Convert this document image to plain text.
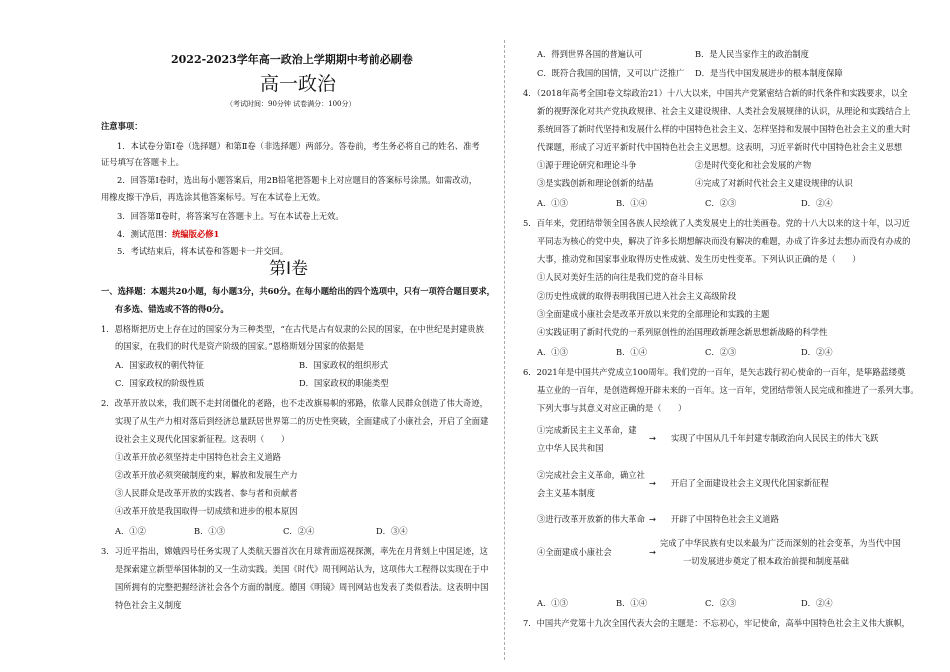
2022-2023学年高一政治上学期期中考前必刷卷
高一政治
（考试时间：90分钟 试卷满分：100分）
注意事项：
1．本试卷分第Ⅰ卷（选择题）和第Ⅱ卷（非选择题）两部分。答卷前，考生务必将自己的姓名、准考
证号填写在答题卡上。
2．回答第Ⅰ卷时，选出每小题答案后，用2B铅笔把答题卡上对应题目的答案标号涂黑。如需改动，
用橡皮擦干净后，再选涂其他答案标号。写在本试卷上无效。
3．回答第Ⅱ卷时，将答案写在答题卡上。写在本试卷上无效。
4．测试范围：统编版必修1
5．考试结束后，将本试卷和答题卡一并交回。
第Ⅰ卷
一、选择题：本题共20小题，每小题3分，共60分。在每小题给出的四个选项中，只有一项符合题目要求，
有多选、错选或不答的得0分。
1．恩格斯把历史上存在过的国家分为三种类型，“在古代是占有奴隶的公民的国家，在中世纪是封建贵族
的国家，在我们的时代是资产阶级的国家。”恩格斯划分国家的依据是
A．国家政权的朝代特征	B．国家政权的组织形式
C．国家政权的阶级性质	D．国家政权的职能类型
2．改革开放以来，我们既不走封闭僵化的老路，也不走改旗易帜的邪路，依靠人民群众创造了伟大奇迹，
实现了从生产力相对落后到经济总量跃居世界第二的历史性突破，全面建成了小康社会，开启了全面建
设社会主义现代化国家新征程。这表明（　　）
①改革开放必须坚持走中国特色社会主义道路
②改革开放必须突破制度约束，解放和发展生产力
③人民群众是改革开放的实践者、参与者和贡献者
④改革开放是我国取得一切成绩和进步的根本原因
A．①②	B．①③	C．②④	D．③④
3．习近平指出，嫦娥四号任务实现了人类航天器首次在月球背面巡视探测，率先在月背刻上中国足迹，这
是探索建立新型举国体制的又一生动实践。美国《时代》周刊网站认为，这项伟大工程得以实现在于中
国所拥有的完整把握经济社会各个方面的制度。德国《明镜》周刊网站也发表了类似看法。这表明中国
特色社会主义制度
A．得到世界各国的普遍认可	B．是人民当家作主的政治制度
C．既符合我国的国情，又可以广泛推广 D．是当代中国发展进步的根本制度保障
4．（2018年高考全国Ⅰ卷文综政治21）十八大以来，中国共产党紧密结合新的时代条件和实践要求，以全
新的视野深化对共产党执政规律、社会主义建设规律、人类社会发展规律的认识，从理论和实践结合上
系统回答了新时代坚持和发展什么样的中国特色社会主义、怎样坚持和发展中国特色社会主义的重大时
代课题，形成了习近平新时代中国特色社会主义思想。这表明，习近平新时代中国特色社会主义思想
①源于理论研究和理论斗争	②是时代变化和社会发展的产物
③是实践创新和理论创新的结晶	④完成了对新时代社会主义建设规律的认识
A．①③	B．①④	C．②③	D．②④
5．百年来，党团结带领全国各族人民绘就了人类发展史上的壮美画卷。党的十八大以来的这十年，以习近
平同志为核心的党中央，解决了许多长期想解决而没有解决的难题，办成了许多过去想办而没有办成的
大事，推动党和国家事业取得历史性成就、发生历史性变革。下列认识正确的是（　　）
①人民对美好生活的向往是我们党的奋斗目标
②历史性成就的取得表明我国已进入社会主义高级阶段
③全面建成小康社会是改革开放以来党的全部理论和实践的主题
④实践证明了新时代党的一系列原创性的治国理政新理念新思想新战略的科学性
A．①③	B．①④	C．②③	D．②④
6．2021年是中国共产党成立100周年。我们党的一百年，是矢志践行初心使命的一百年，是筚路蓝缕奠
基立业的一百年，是创造辉煌开辟未来的一百年。这一百年，党团结带领人民完成和推进了一系列大事。
下列大事与其意义对应正确的是（　　）
①完成新民主主义革命，建
立中华人民共和国
→ 实现了中国从几千年封建专制政治向人民民主的伟大飞跃
②完成社会主义革命，确立社
会主义基本制度
→ 开启了全面建设社会主义现代化国家新征程
③进行改革开放新的伟大革命 → 开辟了中国特色社会主义道路
④全面建成小康社会	→
完成了中华民族有史以来最为广泛而深刻的社会变革，为当代中国
一切发展进步奠定了根本政治前提和制度基础
A．①③	B．①④	C．②③	D．②④
7．中国共产党第十九次全国代表大会的主题是：不忘初心，牢记使命，高举中国特色社会主义伟大旗帜，
